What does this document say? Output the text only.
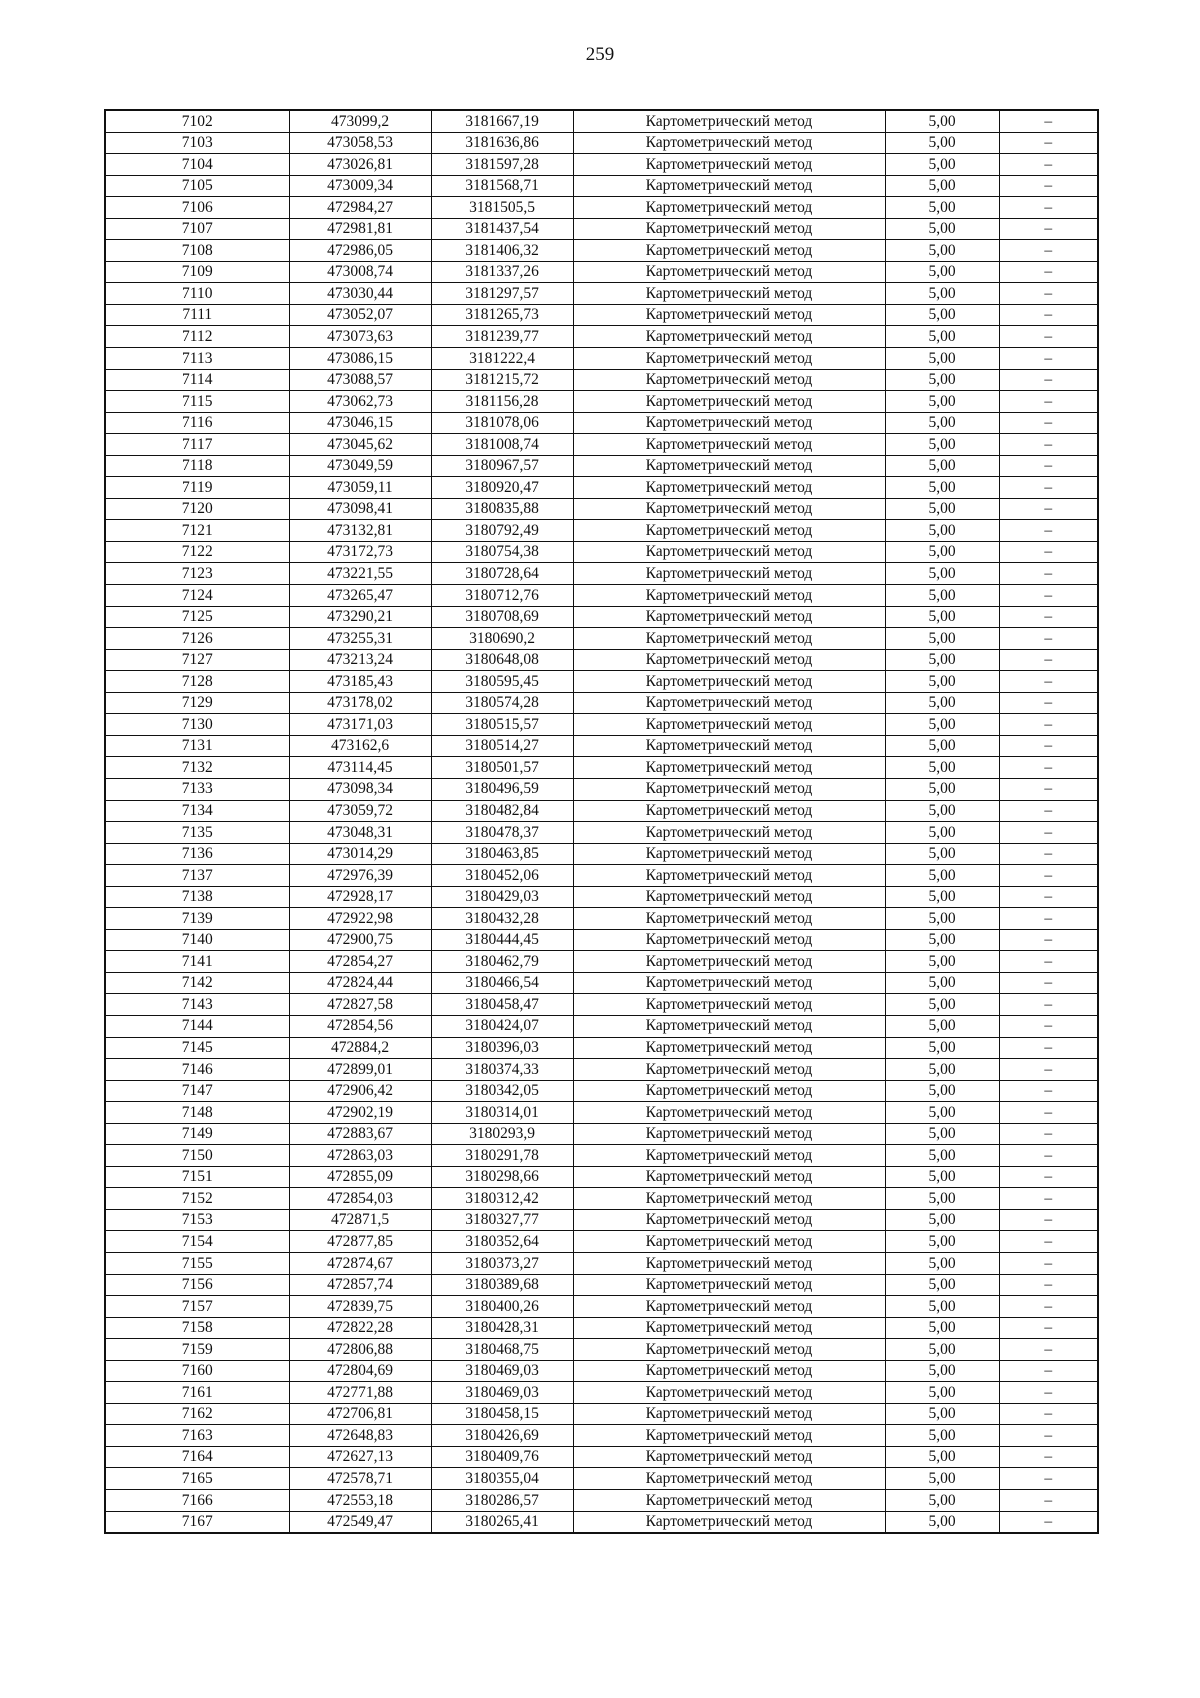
259
7102	473099,2	3181667,19	Картометрический метод	5,00	–
7103	473058,53	3181636,86	Картометрический метод	5,00	–
7104	473026,81	3181597,28	Картометрический метод	5,00	–
7105	473009,34	3181568,71	Картометрический метод	5,00	–
7106	472984,27	3181505,5	Картометрический метод	5,00	–
7107	472981,81	3181437,54	Картометрический метод	5,00	–
7108	472986,05	3181406,32	Картометрический метод	5,00	–
7109	473008,74	3181337,26	Картометрический метод	5,00	–
7110	473030,44	3181297,57	Картометрический метод	5,00	–
7111	473052,07	3181265,73	Картометрический метод	5,00	–
7112	473073,63	3181239,77	Картометрический метод	5,00	–
7113	473086,15	3181222,4	Картометрический метод	5,00	–
7114	473088,57	3181215,72	Картометрический метод	5,00	–
7115	473062,73	3181156,28	Картометрический метод	5,00	–
7116	473046,15	3181078,06	Картометрический метод	5,00	–
7117	473045,62	3181008,74	Картометрический метод	5,00	–
7118	473049,59	3180967,57	Картометрический метод	5,00	–
7119	473059,11	3180920,47	Картометрический метод	5,00	–
7120	473098,41	3180835,88	Картометрический метод	5,00	–
7121	473132,81	3180792,49	Картометрический метод	5,00	–
7122	473172,73	3180754,38	Картометрический метод	5,00	–
7123	473221,55	3180728,64	Картометрический метод	5,00	–
7124	473265,47	3180712,76	Картометрический метод	5,00	–
7125	473290,21	3180708,69	Картометрический метод	5,00	–
7126	473255,31	3180690,2	Картометрический метод	5,00	–
7127	473213,24	3180648,08	Картометрический метод	5,00	–
7128	473185,43	3180595,45	Картометрический метод	5,00	–
7129	473178,02	3180574,28	Картометрический метод	5,00	–
7130	473171,03	3180515,57	Картометрический метод	5,00	–
7131	473162,6	3180514,27	Картометрический метод	5,00	–
7132	473114,45	3180501,57	Картометрический метод	5,00	–
7133	473098,34	3180496,59	Картометрический метод	5,00	–
7134	473059,72	3180482,84	Картометрический метод	5,00	–
7135	473048,31	3180478,37	Картометрический метод	5,00	–
7136	473014,29	3180463,85	Картометрический метод	5,00	–
7137	472976,39	3180452,06	Картометрический метод	5,00	–
7138	472928,17	3180429,03	Картометрический метод	5,00	–
7139	472922,98	3180432,28	Картометрический метод	5,00	–
7140	472900,75	3180444,45	Картометрический метод	5,00	–
7141	472854,27	3180462,79	Картометрический метод	5,00	–
7142	472824,44	3180466,54	Картометрический метод	5,00	–
7143	472827,58	3180458,47	Картометрический метод	5,00	–
7144	472854,56	3180424,07	Картометрический метод	5,00	–
7145	472884,2	3180396,03	Картометрический метод	5,00	–
7146	472899,01	3180374,33	Картометрический метод	5,00	–
7147	472906,42	3180342,05	Картометрический метод	5,00	–
7148	472902,19	3180314,01	Картометрический метод	5,00	–
7149	472883,67	3180293,9	Картометрический метод	5,00	–
7150	472863,03	3180291,78	Картометрический метод	5,00	–
7151	472855,09	3180298,66	Картометрический метод	5,00	–
7152	472854,03	3180312,42	Картометрический метод	5,00	–
7153	472871,5	3180327,77	Картометрический метод	5,00	–
7154	472877,85	3180352,64	Картометрический метод	5,00	–
7155	472874,67	3180373,27	Картометрический метод	5,00	–
7156	472857,74	3180389,68	Картометрический метод	5,00	–
7157	472839,75	3180400,26	Картометрический метод	5,00	–
7158	472822,28	3180428,31	Картометрический метод	5,00	–
7159	472806,88	3180468,75	Картометрический метод	5,00	–
7160	472804,69	3180469,03	Картометрический метод	5,00	–
7161	472771,88	3180469,03	Картометрический метод	5,00	–
7162	472706,81	3180458,15	Картометрический метод	5,00	–
7163	472648,83	3180426,69	Картометрический метод	5,00	–
7164	472627,13	3180409,76	Картометрический метод	5,00	–
7165	472578,71	3180355,04	Картометрический метод	5,00	–
7166	472553,18	3180286,57	Картометрический метод	5,00	–
7167	472549,47	3180265,41	Картометрический метод	5,00	–
